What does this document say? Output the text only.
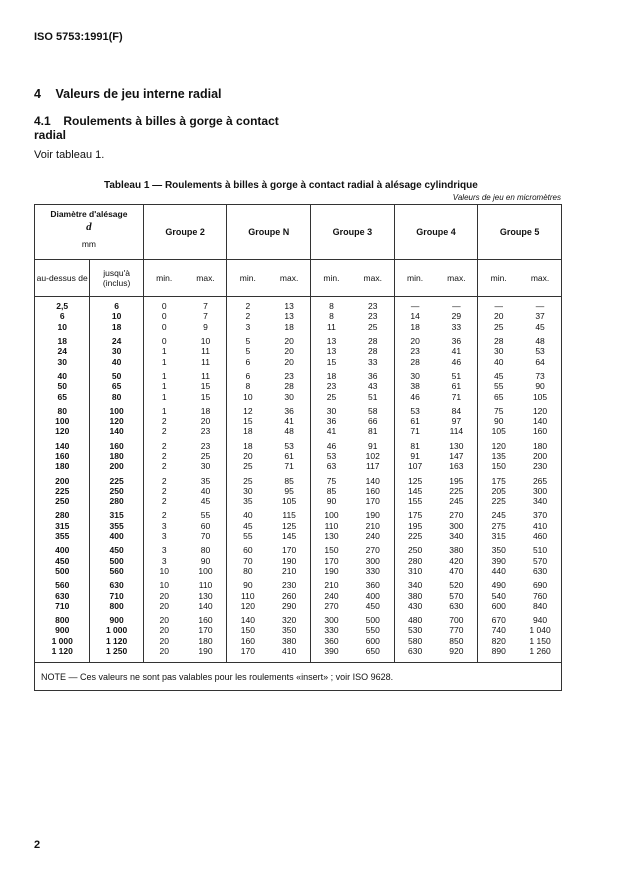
ISO 5753:1991(F)
4 Valeurs de jeu interne radial
4.1 Roulements à billes à gorge à contact
radial
Voir tableau 1.
Tableau 1 — Roulements à billes à gorge à contact radial à alésage cylindrique
Valeurs de jeu en micromètres
Diamètre d'alésage
d
mm		Groupe 2		Groupe N		Groupe 3		Groupe 4		Groupe 5	
au-dessus de	jusqu'à (inclus)	min.	max.	min.	max.	min.	max.	min.	max.	min.	max.
2,5	6	0	7	2	13	8	23	—	—	—	—
6	10	0	7	2	13	8	23	14	29	20	37
10	18	0	9	3	18	11	25	18	33	25	45
18	24	0	10	5	20	13	28	20	36	28	48
24	30	1	11	5	20	13	28	23	41	30	53
30	40	1	11	6	20	15	33	28	46	40	64
40	50	1	11	6	23	18	36	30	51	45	73
50	65	1	15	8	28	23	43	38	61	55	90
65	80	1	15	10	30	25	51	46	71	65	105
80	100	1	18	12	36	30	58	53	84	75	120
100	120	2	20	15	41	36	66	61	97	90	140
120	140	2	23	18	48	41	81	71	114	105	160
140	160	2	23	18	53	46	91	81	130	120	180
160	180	2	25	20	61	53	102	91	147	135	200
180	200	2	30	25	71	63	117	107	163	150	230
200	225	2	35	25	85	75	140	125	195	175	265
225	250	2	40	30	95	85	160	145	225	205	300
250	280	2	45	35	105	90	170	155	245	225	340
280	315	2	55	40	115	100	190	175	270	245	370
315	355	3	60	45	125	110	210	195	300	275	410
355	400	3	70	55	145	130	240	225	340	315	460
400	450	3	80	60	170	150	270	250	380	350	510
450	500	3	90	70	190	170	300	280	420	390	570
500	560	10	100	80	210	190	330	310	470	440	630
560	630	10	110	90	230	210	360	340	520	490	690
630	710	20	130	110	260	240	400	380	570	540	760
710	800	20	140	120	290	270	450	430	630	600	840
800	900	20	160	140	320	300	500	480	700	670	940
900	1 000	20	170	150	350	330	550	530	770	740	1 040
1 000	1 120	20	180	160	380	360	600	580	850	820	1 150
1 120	1 250	20	190	170	410	390	650	630	920	890	1 260
NOTE — Ces valeurs ne sont pas valables pour les roulements «insert» ; voir ISO 9628.											
2
